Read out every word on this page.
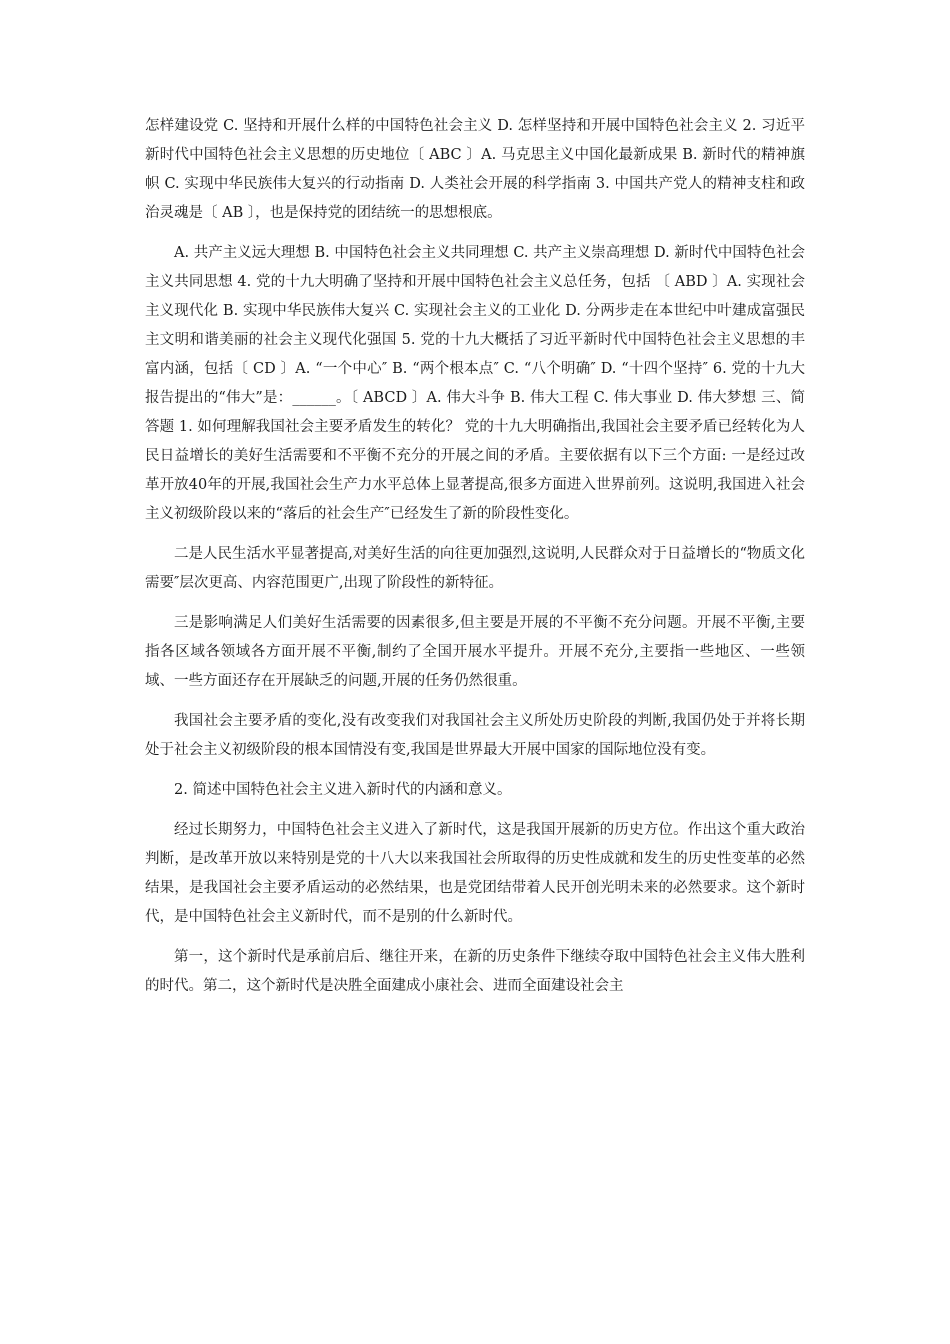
怎样建设党 C. 坚持和开展什么样的中国特色社会主义 D. 怎样坚持和开展中国特色社会主义 2. 习近平新时代中国特色社会主义思想的历史地位〔 ABC 〕A. 马克思主义中国化最新成果 B. 新时代的精神旗帜 C. 实现中华民族伟大复兴的行动指南 D. 人类社会开展的科学指南 3. 中国共产党人的精神支柱和政治灵魂是〔 AB 〕，也是保持党的团结统一的思想根底。

A. 共产主义远大理想 B. 中国特色社会主义共同理想 C. 共产主义崇高理想 D. 新时代中国特色社会主义共同思想 4. 党的十九大明确了坚持和开展中国特色社会主义总任务，包括 〔 ABD 〕A. 实现社会主义现代化 B. 实现中华民族伟大复兴 C. 实现社会主义的工业化 D. 分两步走在本世纪中叶建成富强民主文明和谐美丽的社会主义现代化强国 5. 党的十九大概括了习近平新时代中国特色社会主义思想的丰富内涵，包括〔 CD 〕A. “一个中心″ B. “两个根本点″ C. “八个明确″ D. “十四个坚持″ 6. 党的十九大报告提出的“伟大”是：______。〔 ABCD 〕A. 伟大斗争 B. 伟大工程 C. 伟大事业 D. 伟大梦想 三、简答题 1. 如何理解我国社会主要矛盾发生的转化？ 党的十九大明确指出,我国社会主要矛盾已经转化为人民日益增长的美好生活需要和不平衡不充分的开展之间的矛盾。主要依据有以下三个方面: 一是经过改革开放40年的开展,我国社会生产力水平总体上显著提高,很多方面进入世界前列。这说明,我国进入社会主义初级阶段以来的“落后的社会生产″已经发生了新的阶段性变化。

二是人民生活水平显著提高,对美好生活的向往更加强烈,这说明,人民群众对于日益增长的“物质文化需要″层次更高、内容范围更广,出现了阶段性的新特征。

三是影响满足人们美好生活需要的因素很多,但主要是开展的不平衡不充分问题。开展不平衡,主要指各区域各领域各方面开展不平衡,制约了全国开展水平提升。开展不充分,主要指一些地区、一些领域、一些方面还存在开展缺乏的问题,开展的任务仍然很重。

我国社会主要矛盾的变化,没有改变我们对我国社会主义所处历史阶段的判断,我国仍处于并将长期处于社会主义初级阶段的根本国情没有变,我国是世界最大开展中国家的国际地位没有变。

2. 简述中国特色社会主义进入新时代的内涵和意义。

经过长期努力，中国特色社会主义进入了新时代，这是我国开展新的历史方位。作出这个重大政治判断，是改革开放以来特别是党的十八大以来我国社会所取得的历史性成就和发生的历史性变革的必然结果，是我国社会主要矛盾运动的必然结果，也是党团结带着人民开创光明未来的必然要求。这个新时代，是中国特色社会主义新时代，而不是别的什么新时代。

第一，这个新时代是承前启后、继往开来，在新的历史条件下继续夺取中国特色社会主义伟大胜利的时代。第二，这个新时代是决胜全面建成小康社会、进而全面建设社会主
